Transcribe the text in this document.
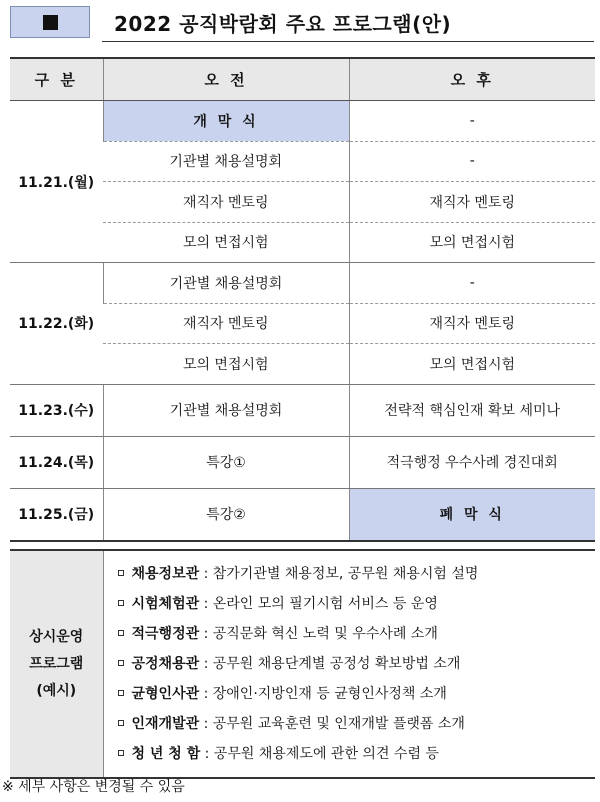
2022 공직박람회 주요 프로그램(안)
구 분	오 전	오 후
11.21.(월)	개 막 식	-
	기관별 채용설명회	-
	재직자 멘토링	재직자 멘토링
	모의 면접시험	모의 면접시험
11.22.(화)	기관별 채용설명회	-
	재직자 멘토링	재직자 멘토링
	모의 면접시험	모의 면접시험
11.23.(수)	기관별 채용설명회	전략적 핵심인재 확보 세미나
11.24.(목)	특강①	적극행정 우수사례 경진대회
11.25.(금)	특강②	폐 막 식
상시운영
프로그램
(예시)

채용정보관 : 참가기관별 채용정보, 공무원 채용시험 설명
시험체험관 : 온라인 모의 필기시험 서비스 등 운영
적극행정관 : 공직문화 혁신 노력 및 우수사례 소개
공정채용관 : 공무원 채용단계별 공정성 확보방법 소개
균형인사관 : 장애인·지방인재 등 균형인사정책 소개
인재개발관 : 공무원 교육훈련 및 인재개발 플랫폼 소개
청 년 청 함 : 공무원 채용제도에 관한 의견 수렴 등
※ 세부 사항은 변경될 수 있음
